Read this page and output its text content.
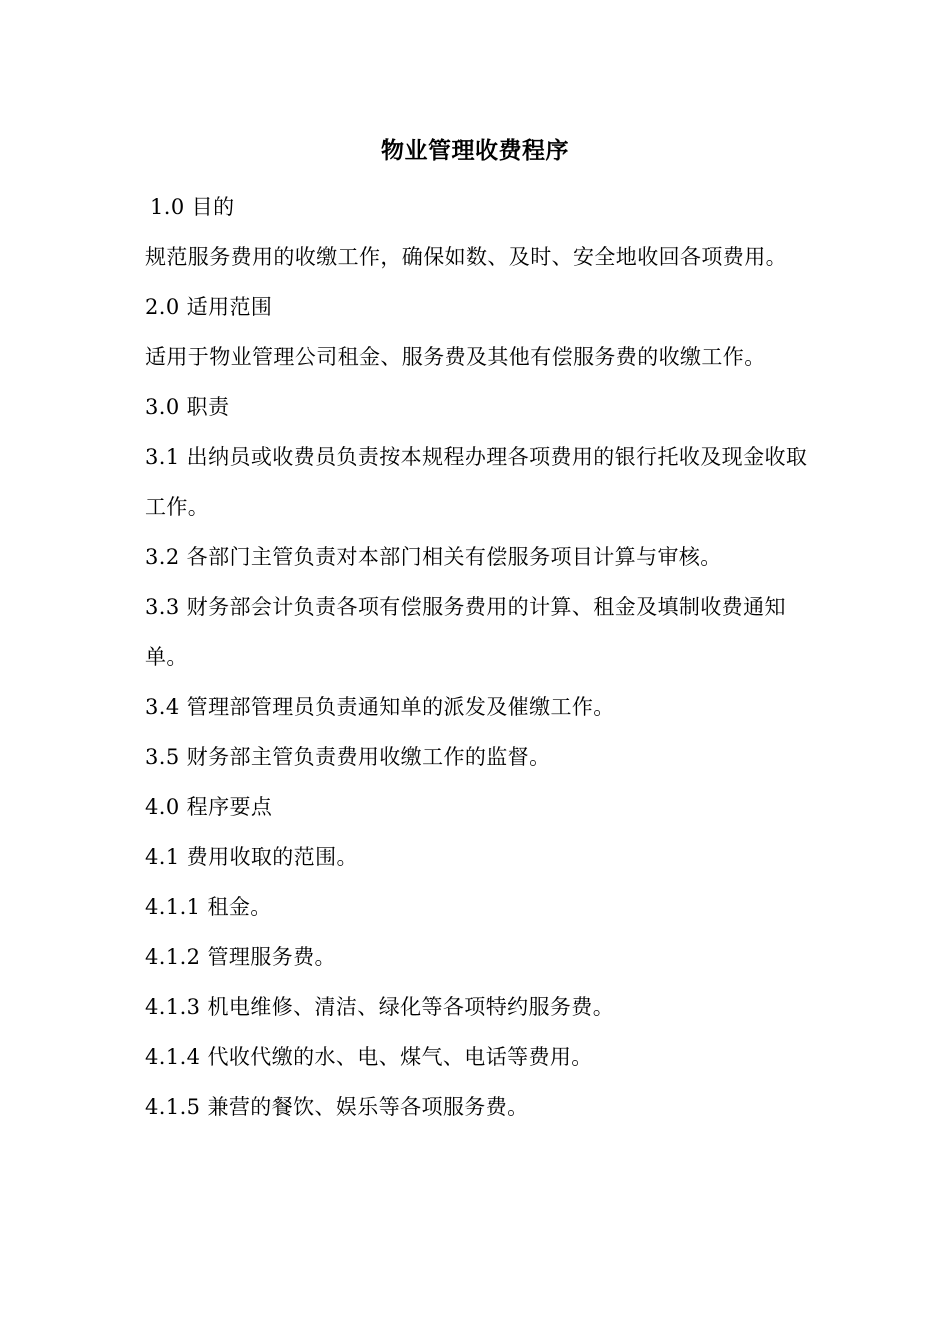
物业管理收费程序

1.0 目的

规范服务费用的收缴工作，确保如数、及时、安全地收回各项费用。

2.0 适用范围

适用于物业管理公司租金、服务费及其他有偿服务费的收缴工作。

3.0 职责

3.1 出纳员或收费员负责按本规程办理各项费用的银行托收及现金收取工作。

3.2 各部门主管负责对本部门相关有偿服务项目计算与审核。

3.3 财务部会计负责各项有偿服务费用的计算、租金及填制收费通知单。

3.4 管理部管理员负责通知单的派发及催缴工作。

3.5 财务部主管负责费用收缴工作的监督。

4.0 程序要点

4.1 费用收取的范围。

4.1.1 租金。

4.1.2 管理服务费。

4.1.3 机电维修、清洁、绿化等各项特约服务费。

4.1.4 代收代缴的水、电、煤气、电话等费用。

4.1.5 兼营的餐饮、娱乐等各项服务费。
